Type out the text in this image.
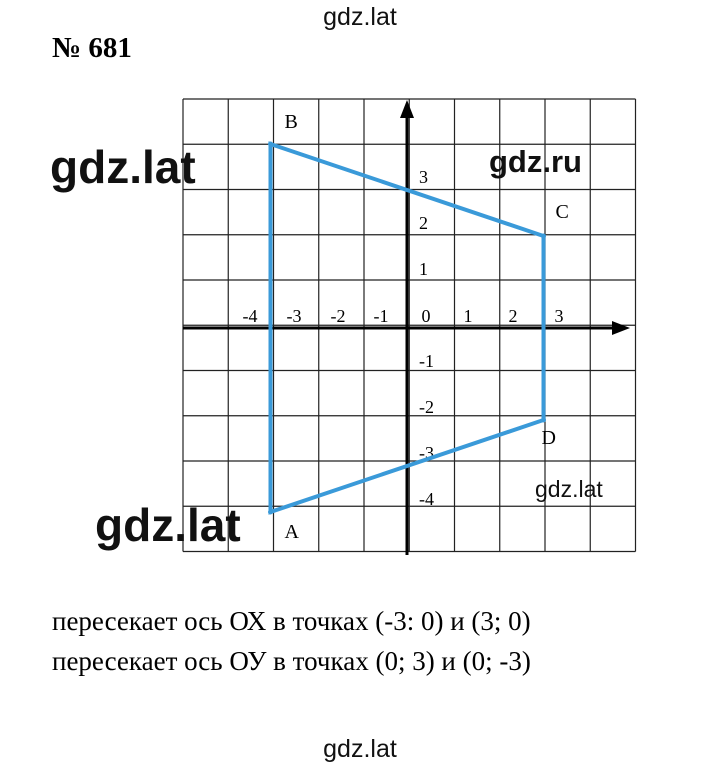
gdz.lat
№ 681
-4 -3 -2 -1 0 1 2 3
3
2
1
-1
-2
-3
-4
A
B
C
D
gdz.lat	gdz.ru
gdz.lat
gdz.lat
пересекает ось ОХ в точках (-3: 0) и (3; 0)
пересекает ось ОУ в точках (0; 3) и (0; -3)
gdz.lat
